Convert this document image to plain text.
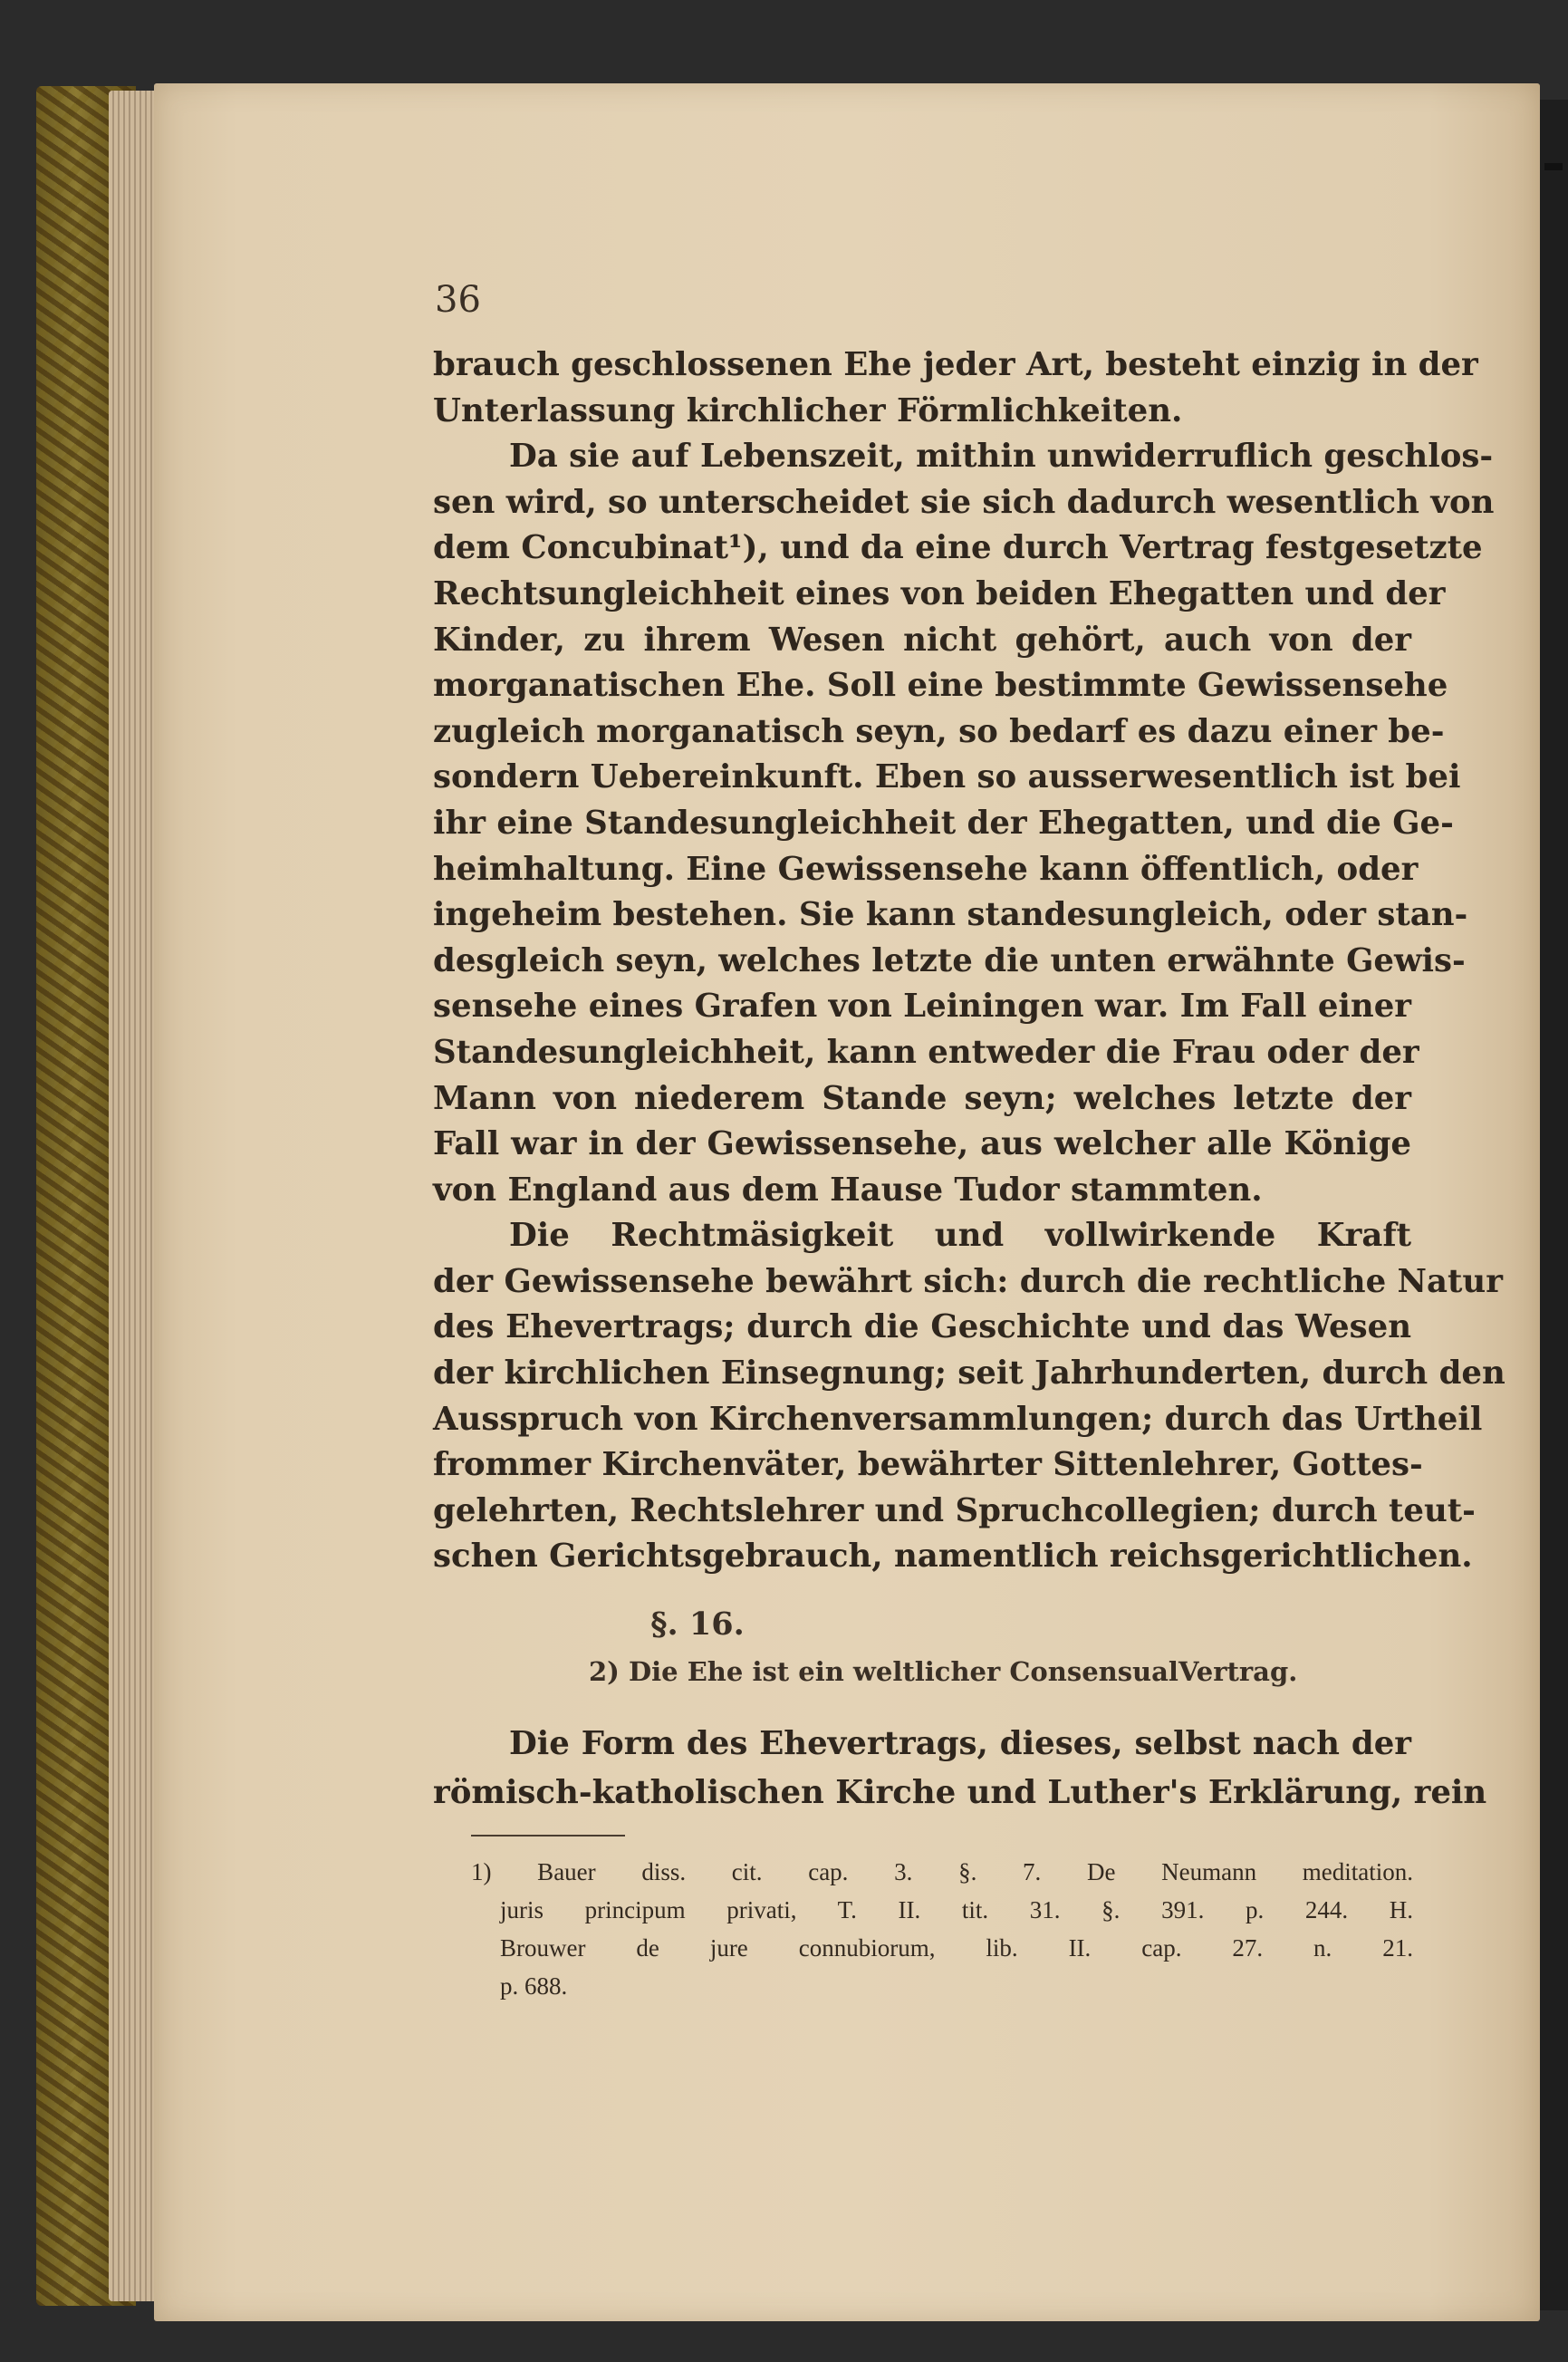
36
brauch geschlossenen Ehe jeder Art, besteht einzig in der
Unterlassung kirchlicher Förmlichkeiten.
Da sie auf Lebenszeit, mithin unwiderruflich geschlos-
sen wird, so unterscheidet sie sich dadurch wesentlich von
dem Concubinat¹), und da eine durch Vertrag festgesetzte
Rechtsungleichheit eines von beiden Ehegatten und der
Kinder, zu ihrem Wesen nicht gehört, auch von der
morganatischen Ehe. Soll eine bestimmte Gewissensehe
zugleich morganatisch seyn, so bedarf es dazu einer be-
sondern Uebereinkunft. Eben so ausserwesentlich ist bei
ihr eine Standesungleichheit der Ehegatten, und die Ge-
heimhaltung. Eine Gewissensehe kann öffentlich, oder
ingeheim bestehen. Sie kann standesungleich, oder stan-
desgleich seyn, welches letzte die unten erwähnte Gewis-
sensehe eines Grafen von Leiningen war. Im Fall einer
Standesungleichheit, kann entweder die Frau oder der
Mann von niederem Stande seyn; welches letzte der
Fall war in der Gewissensehe, aus welcher alle Könige
von England aus dem Hause Tudor stammten.
Die Rechtmäsigkeit und vollwirkende Kraft
der Gewissensehe bewährt sich: durch die rechtliche Natur
des Ehevertrags; durch die Geschichte und das Wesen
der kirchlichen Einsegnung; seit Jahrhunderten, durch den
Ausspruch von Kirchenversammlungen; durch das Urtheil
frommer Kirchenväter, bewährter Sittenlehrer, Gottes-
gelehrten, Rechtslehrer und Spruchcollegien; durch teut-
schen Gerichtsgebrauch, namentlich reichsgerichtlichen.
§. 16.
2) Die Ehe ist ein weltlicher ConsensualVertrag.
Die Form des Ehevertrags, dieses, selbst nach der
römisch-katholischen Kirche und Luther's Erklärung, rein
1) Bauer diss. cit. cap. 3. §. 7. De Neumann meditation.
juris principum privati, T. II. tit. 31. §. 391. p. 244. H.
Brouwer de jure connubiorum, lib. II. cap. 27. n. 21.
p. 688.
